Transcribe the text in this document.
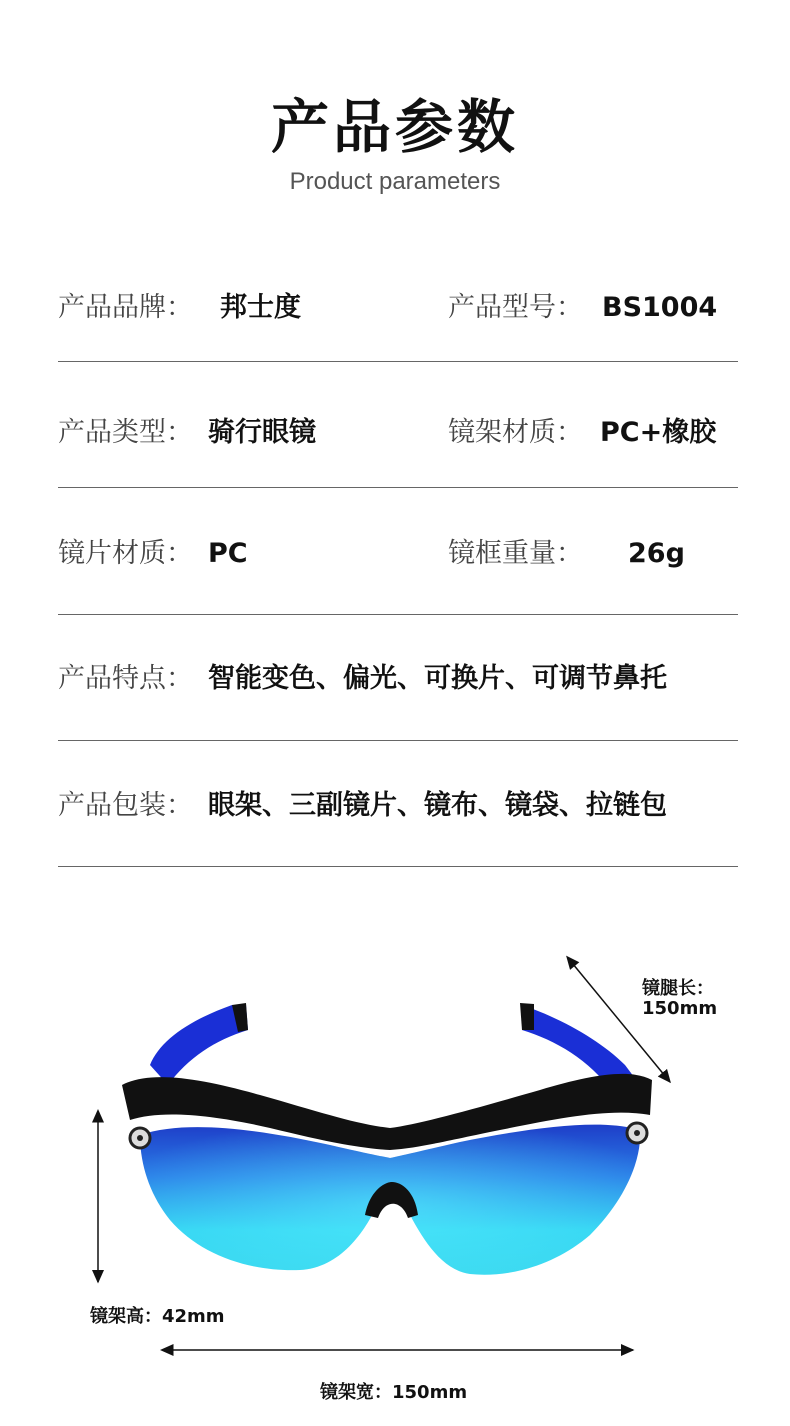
产品参数
Product parameters
产品品牌： 邦士度	产品型号： BS1004
产品类型： 骑行眼镜	镜架材质： PC+橡胶
镜片材质： PC	镜框重量： 26g
产品特点： 智能变色、偏光、可换片、可调节鼻托
产品包装： 眼架、三副镜片、镜布、镜袋、拉链包
镜腿长：
150mm
镜架高：42mm
镜架宽：150mm
